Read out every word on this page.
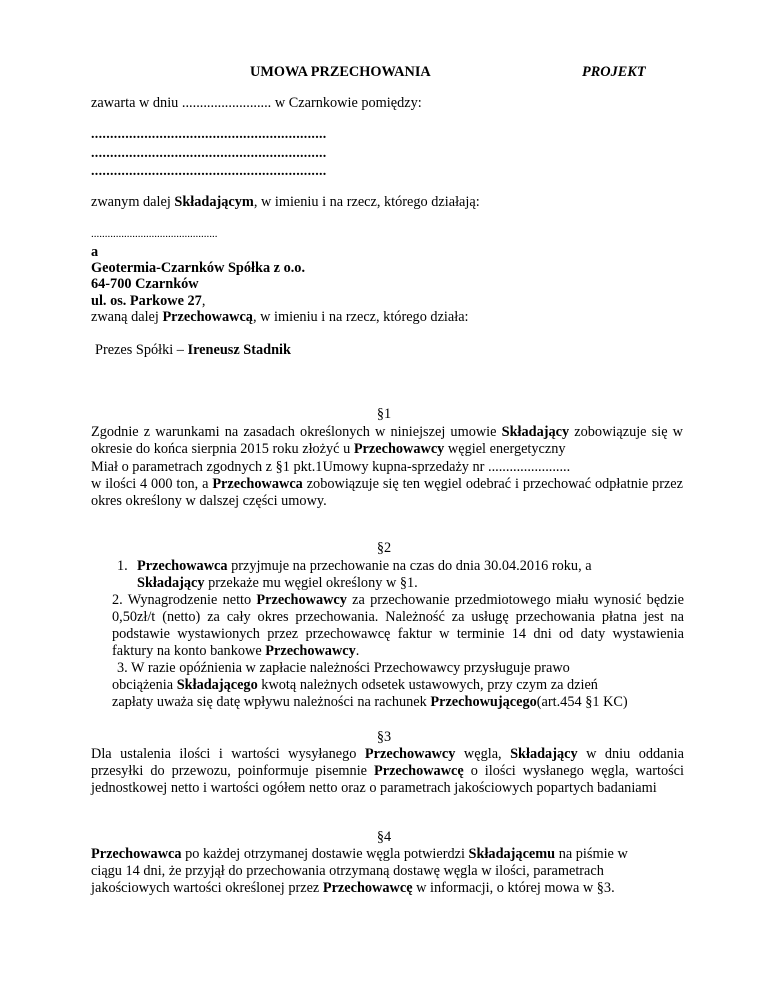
UMOWA PRZECHOWANIA	PROJEKT
zawarta w dniu ......................... w Czarnkowie pomiędzy:
..............................................................
..............................................................
..............................................................
zwanym dalej Składającym, w imieniu i na rzecz, którego działają:
..............................................
a
Geotermia-Czarnków Spółka z o.o.
64-700 Czarnków
ul. os. Parkowe 27,
zwaną dalej Przechowawcą, w imieniu i na rzecz, którego działa:
Prezes Spółki – Ireneusz Stadnik
§1
Zgodnie z warunkami na zasadach określonych w niniejszej umowie Składający zobowiązuje się w okresie do końca sierpnia 2015 roku złożyć u Przechowawcy węgiel energetyczny
Miał o parametrach zgodnych z §1 pkt.1Umowy kupna-sprzedaży nr .......................
w ilości 4 000 ton, a Przechowawca zobowiązuje się ten węgiel odebrać i przechować odpłatnie przez okres określony w dalszej części umowy.
§2
1. Przechowawca przyjmuje na przechowanie na czas do dnia 30.04.2016 roku, a
Składający przekaże mu węgiel określony w §1.
2. Wynagrodzenie netto Przechowawcy za przechowanie przedmiotowego miału wynosić będzie 0,50zł/t (netto) za cały okres przechowania. Należność za usługę przechowania płatna jest na podstawie wystawionych przez przechowawcę faktur w terminie 14 dni od daty wystawienia faktury na konto bankowe Przechowawcy.
3. W razie opóźnienia w zapłacie należności Przechowawcy przysługuje prawo
obciążenia Składającego kwotą należnych odsetek ustawowych, przy czym za dzień
zapłaty uważa się datę wpływu należności na rachunek Przechowującego(art.454 §1 KC)
§3
Dla ustalenia ilości i wartości wysyłanego Przechowawcy węgla, Składający w dniu oddania przesyłki do przewozu, poinformuje pisemnie Przechowawcę o ilości wysłanego węgla, wartości jednostkowej netto i wartości ogółem netto oraz o parametrach jakościowych popartych badaniami
§4
Przechowawca po każdej otrzymanej dostawie węgla potwierdzi Składającemu na piśmie w
ciągu 14 dni, że przyjął do przechowania otrzymaną dostawę węgla w ilości, parametrach
jakościowych wartości określonej przez Przechowawcę w informacji, o której mowa w §3.
